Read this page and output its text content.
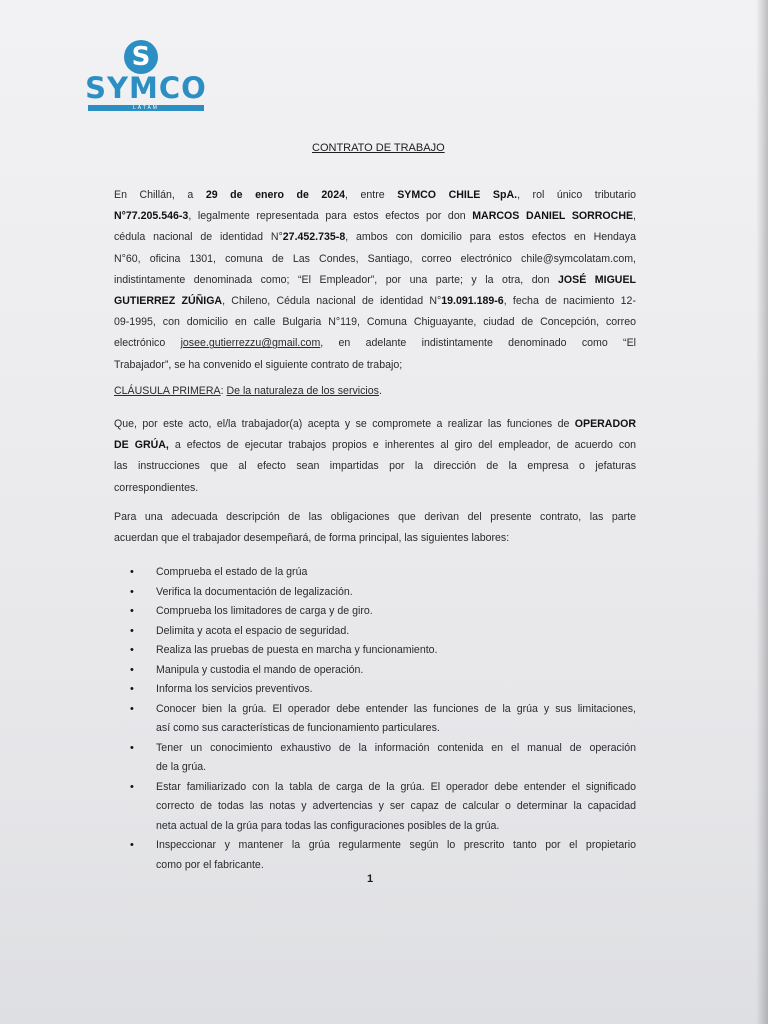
S
SYMCO
LATAM
CONTRATO DE TRABAJO
En Chillán, a 29 de enero de 2024, entre SYMCO CHILE SpA., rol único tributario
N°77.205.546-3, legalmente representada para estos efectos por don MARCOS DANIEL SORROCHE,
cédula nacional de identidad N°27.452.735-8, ambos con domicilio para estos efectos en Hendaya
N°60, oficina 1301, comuna de Las Condes, Santiago, correo electrónico chile@symcolatam.com,
indistintamente denominada como; “El Empleador”, por una parte; y la otra, don JOSÉ MIGUEL
GUTIERREZ ZÚÑIGA, Chileno, Cédula nacional de identidad N°19.091.189-6, fecha de nacimiento 12-
09-1995, con domicilio en calle Bulgaria N°119, Comuna Chiguayante, ciudad de Concepción, correo
electrónico josee.gutierrezzu@gmail.com, en adelante indistintamente denominado como “El
Trabajador”, se ha convenido el siguiente contrato de trabajo;
CLÁUSULA PRIMERA: De la naturaleza de los servicios.
Que, por este acto, el/la trabajador(a) acepta y se compromete a realizar las funciones de OPERADOR
DE GRÚA, a efectos de ejecutar trabajos propios e inherentes al giro del empleador, de acuerdo con
las instrucciones que al efecto sean impartidas por la dirección de la empresa o jefaturas
correspondientes.
Para una adecuada descripción de las obligaciones que derivan del presente contrato, las parte
acuerdan que el trabajador desempeñará, de forma principal, las siguientes labores:
•	Comprueba el estado de la grúa
•	Verifica la documentación de legalización.
•	Comprueba los limitadores de carga y de giro.
•	Delimita y acota el espacio de seguridad.
•	Realiza las pruebas de puesta en marcha y funcionamiento.
•	Manipula y custodia el mando de operación.
•	Informa los servicios preventivos.
•	Conocer bien la grúa. El operador debe entender las funciones de la grúa y sus limitaciones,
así como sus características de funcionamiento particulares.
•	Tener un conocimiento exhaustivo de la información contenida en el manual de operación
de la grúa.
•	Estar familiarizado con la tabla de carga de la grúa. El operador debe entender el significado
correcto de todas las notas y advertencias y ser capaz de calcular o determinar la capacidad
neta actual de la grúa para todas las configuraciones posibles de la grúa.
•	Inspeccionar y mantener la grúa regularmente según lo prescrito tanto por el propietario
como por el fabricante.
1
